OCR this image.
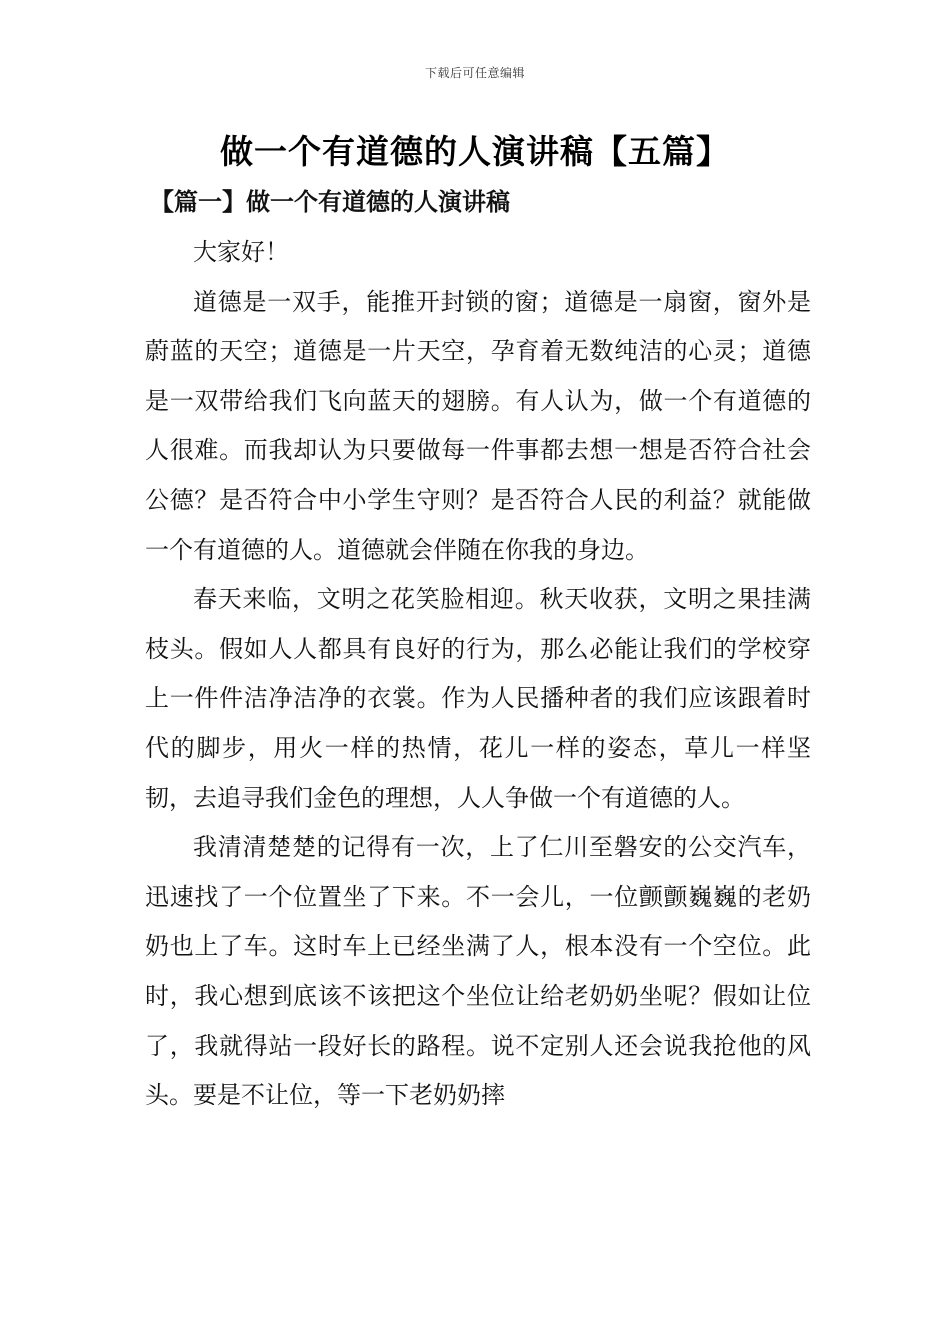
下载后可任意编辑
做一个有道德的人演讲稿【五篇】
【篇一】做一个有道德的人演讲稿

大家好！

道德是一双手，能推开封锁的窗；道德是一扇窗，窗外是蔚蓝的天空；道德是一片天空，孕育着无数纯洁的心灵；道德是一双带给我们飞向蓝天的翅膀。有人认为，做一个有道德的人很难。而我却认为只要做每一件事都去想一想是否符合社会公德？是否符合中小学生守则？是否符合人民的利益？就能做一个有道德的人。道德就会伴随在你我的身边。

春天来临，文明之花笑脸相迎。秋天收获，文明之果挂满枝头。假如人人都具有良好的行为，那么必能让我们的学校穿上一件件洁净洁净的衣裳。作为人民播种者的我们应该跟着时代的脚步，用火一样的热情，花儿一样的姿态，草儿一样坚韧，去追寻我们金色的理想，人人争做一个有道德的人。

我清清楚楚的记得有一次，上了仁川至磐安的公交汽车，迅速找了一个位置坐了下来。不一会儿，一位颤颤巍巍的老奶奶也上了车。这时车上已经坐满了人，根本没有一个空位。此时，我心想到底该不该把这个坐位让给老奶奶坐呢？假如让位了，我就得站一段好长的路程。说不定别人还会说我抢他的风头。要是不让位，等一下老奶奶摔
